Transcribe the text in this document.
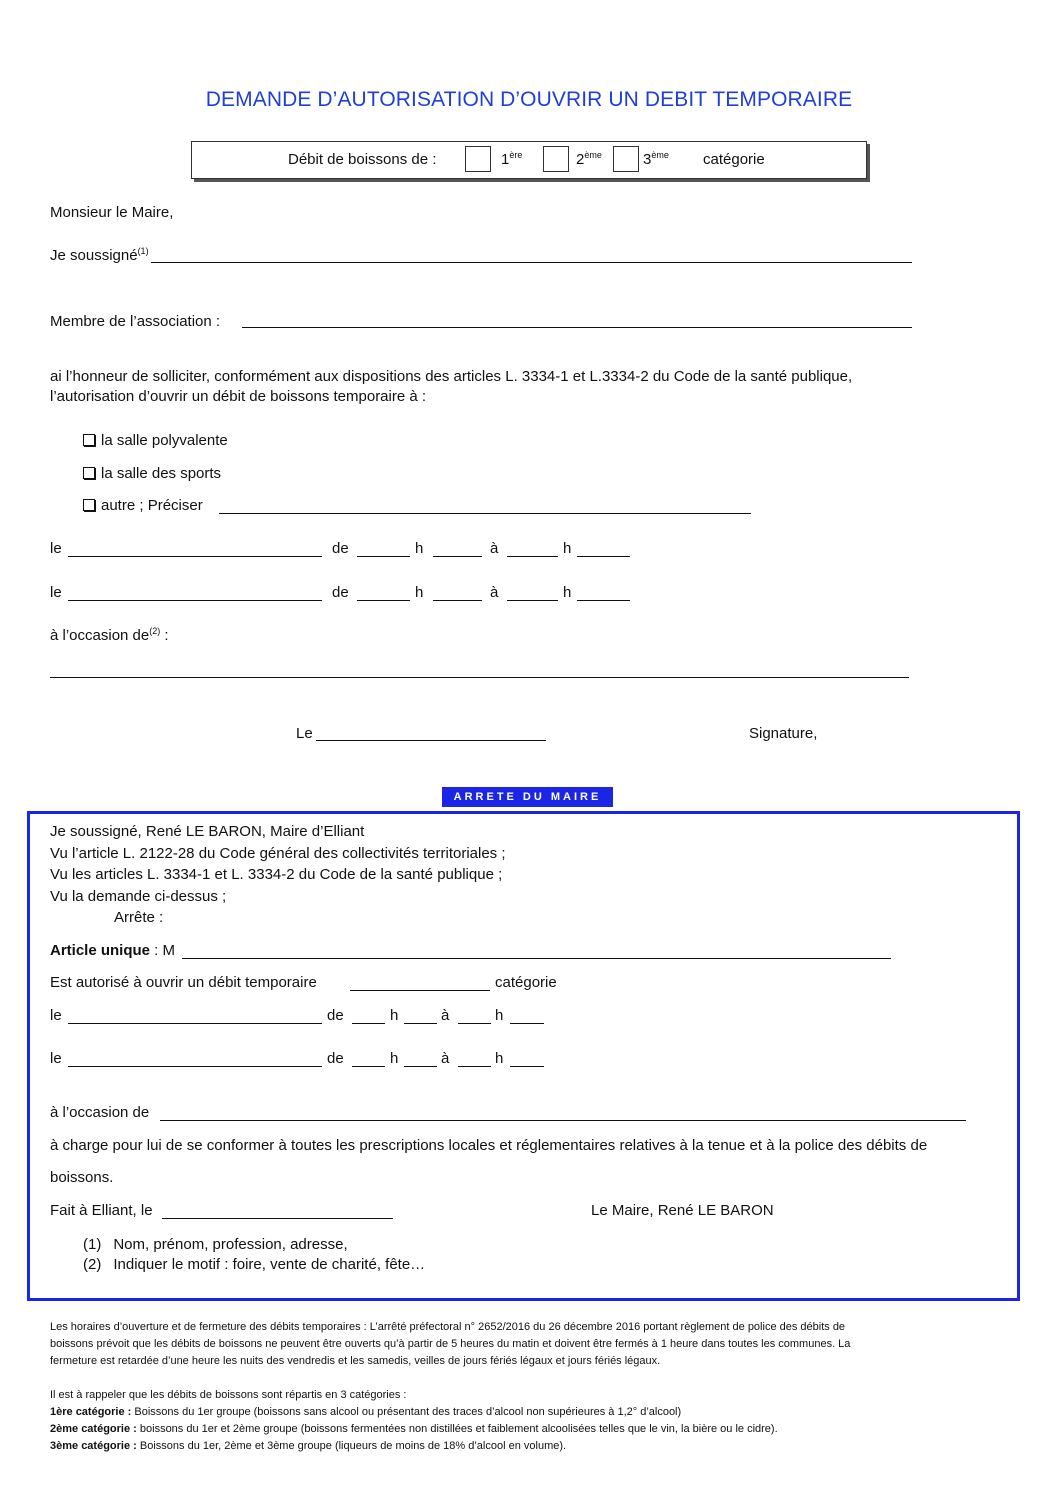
DEMANDE D’AUTORISATION D’OUVRIR UN DEBIT TEMPORAIRE
Débit de boissons de :	1ère	2ème	3ème catégorie
Monsieur le Maire,
Je soussigné$^{(1)}$
Membre de l’association :
ai l’honneur de solliciter, conformément aux dispositions des articles L. 3334-1 et L.3334-2 du Code de la santé publique,
l’autorisation d’ouvrir un débit de boissons temporaire à :
la salle polyvalente
la salle des sports
autre ; Préciser
le	de	h	à	h
le	de	h	à	h
à l’occasion $de^{(2)}$ :
Le	Signature,
ARRETE DU MAIRE
Je soussigné, René LE BARON, Maire d’Elliant
Vu l’article L. 2122-28 du Code général des collectivités territoriales ;
Vu les articles L. 3334-1 et L. 3334-2 du Code de la santé publique ;
Vu la demande ci-dessus ;
Arrête :
Article unique : M
Est autorisé à ouvrir un débit temporaire	catégorie
le	de	h	à	h
le	de	h	à	h
à l’occasion de
à charge pour lui de se conformer à toutes les prescriptions locales et réglementaires relatives à la tenue et à la police des débits de
boissons.
Fait à Elliant, le	Le Maire, René LE BARON
(1) Nom, prénom, profession, adresse,
(2) Indiquer le motif : foire, vente de charité, fête…
Les horaires d’ouverture et de fermeture des débits temporaires : L’arrêté préfectoral n° 2652/2016 du 26 décembre 2016 portant règlement de police des débits de
boissons prévoit que les débits de boissons ne peuvent être ouverts qu’à partir de 5 heures du matin et doivent être fermés à 1 heure dans toutes les communes. La
fermeture est retardée d’une heure les nuits des vendredis et les samedis, veilles de jours fériés légaux et jours fériés légaux.
Il est à rappeler que les débits de boissons sont répartis en 3 catégories :
1ère catégorie : Boissons du 1er groupe (boissons sans alcool ou présentant des traces d’alcool non supérieures à 1,2° d’alcool)
2ème catégorie : boissons du 1er et 2ème groupe (boissons fermentées non distillées et faiblement alcoolisées telles que le vin, la bière ou le cidre).
3ème catégorie : Boissons du 1er, 2ème et 3ème groupe (liqueurs de moins de 18% d’alcool en volume).
